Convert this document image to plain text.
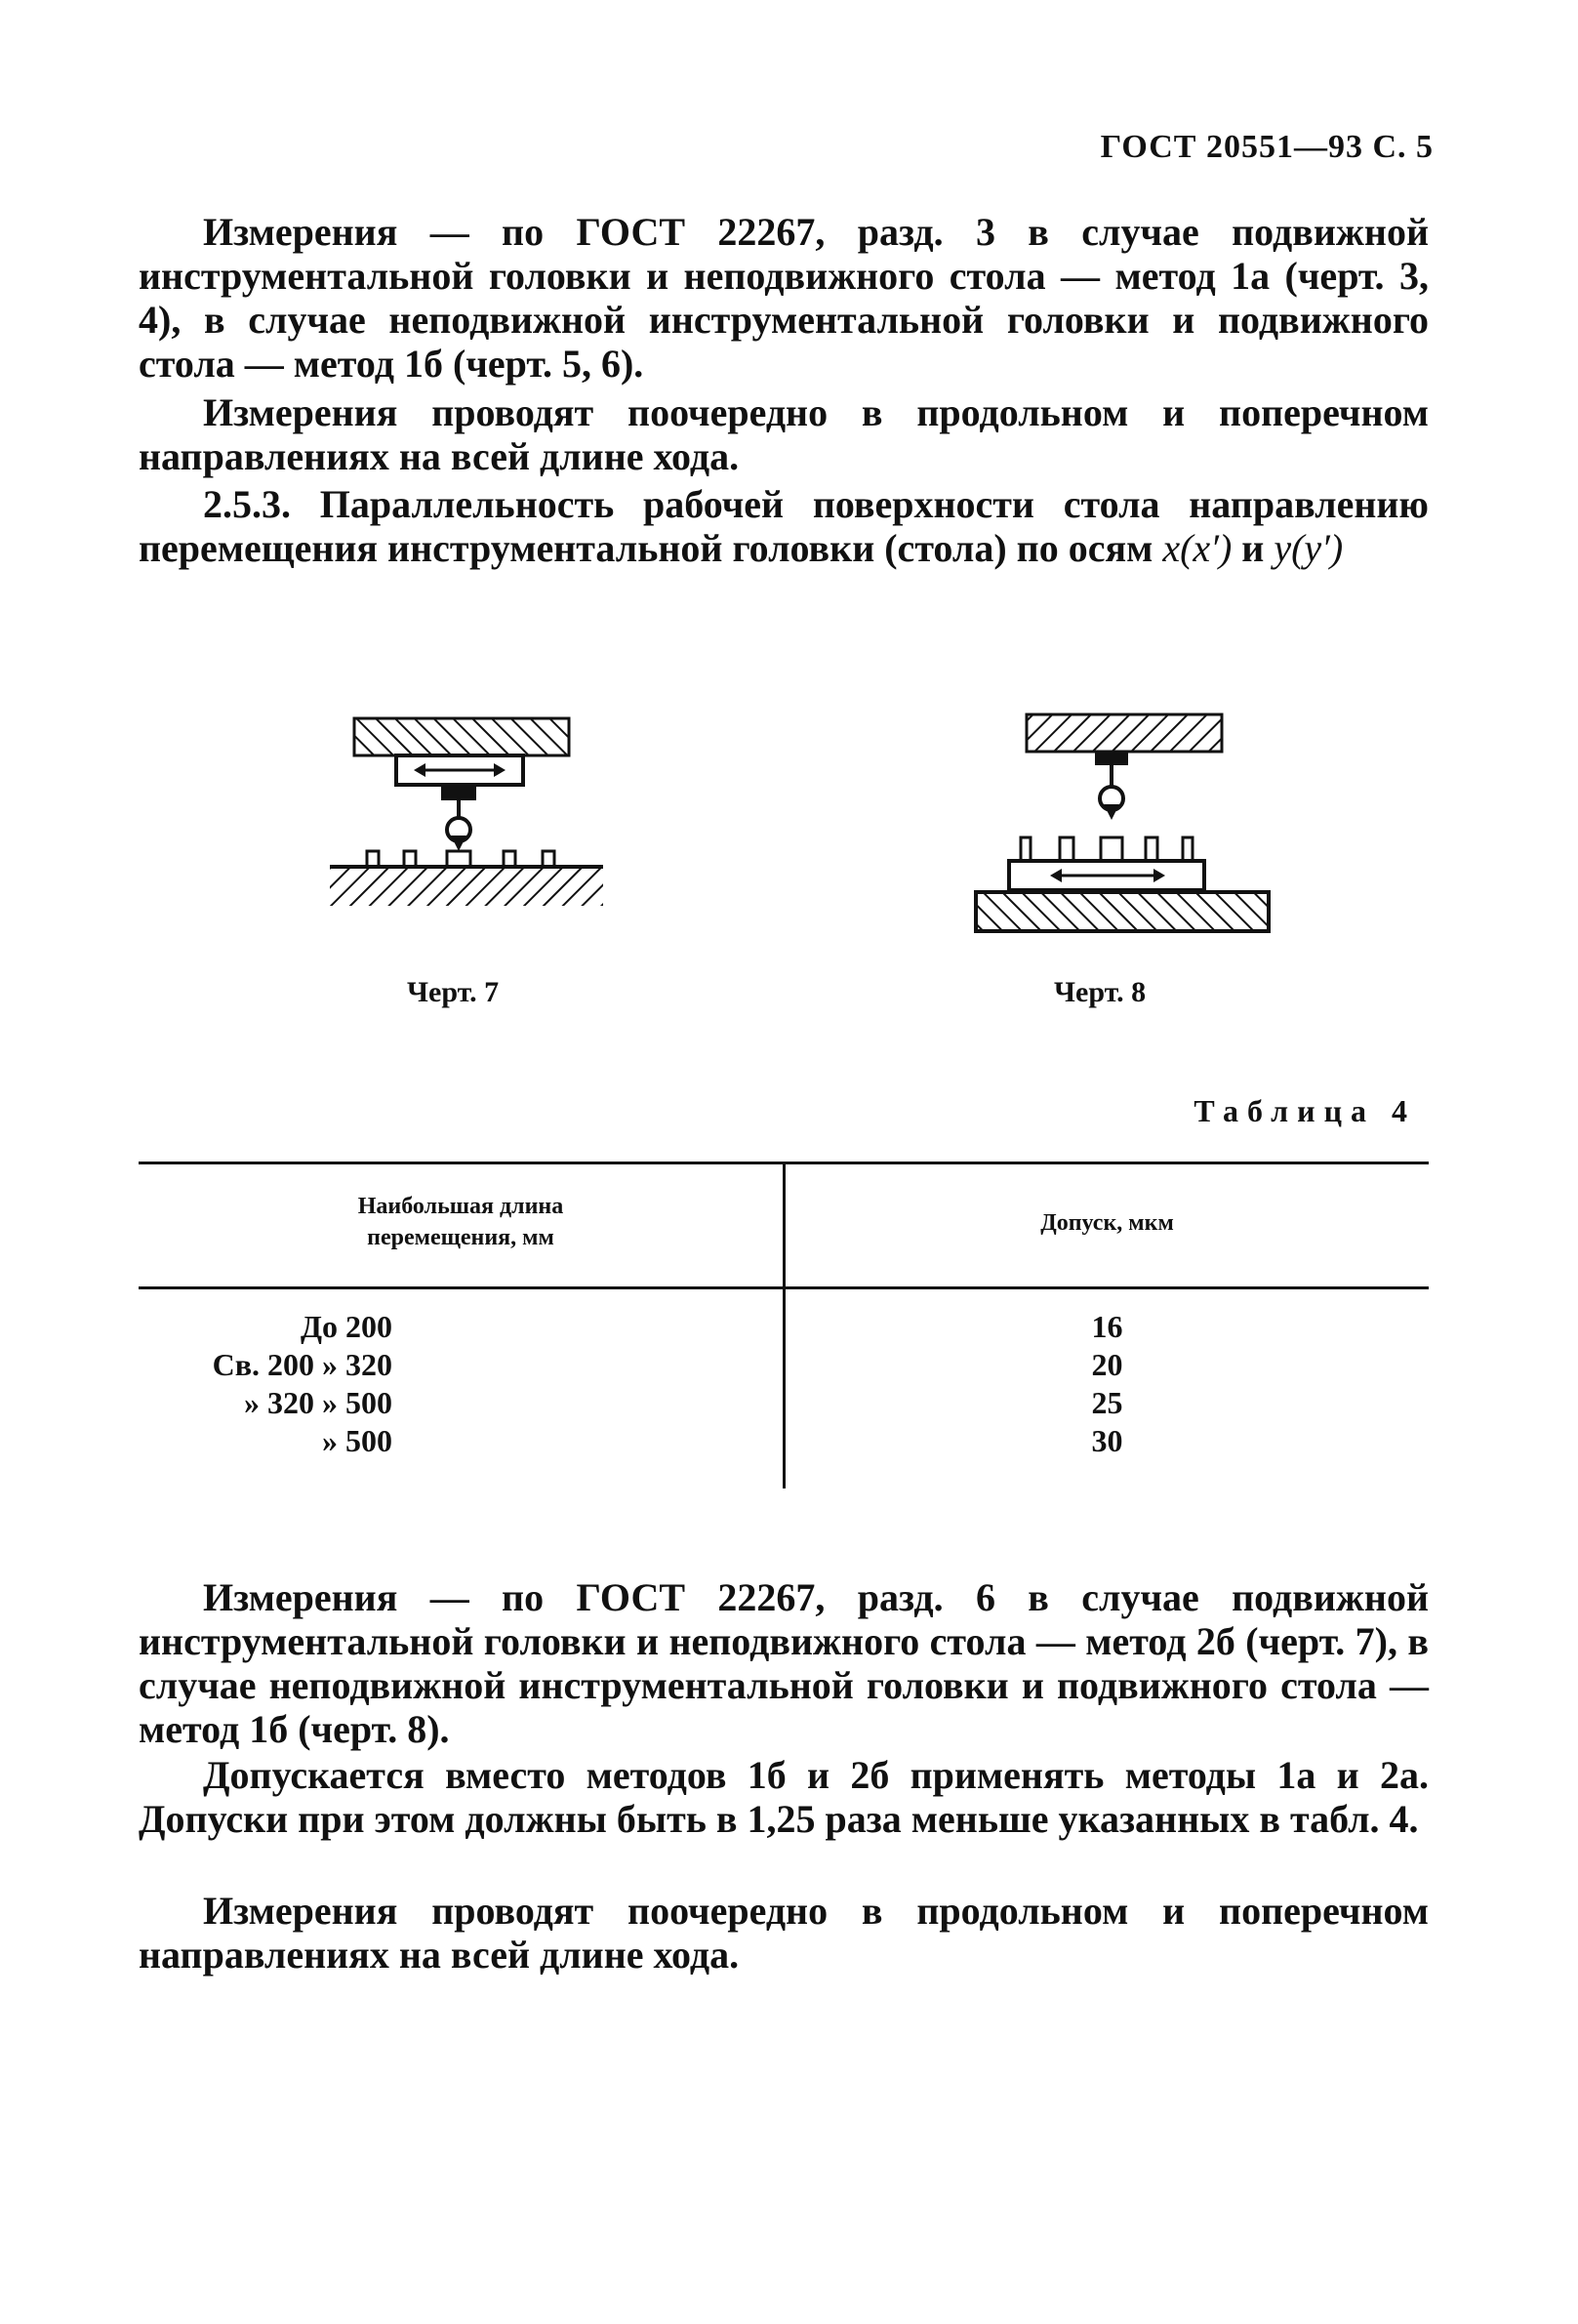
ГОСТ 20551—93 С. 5

Измерения — по ГОСТ 22267, разд. 3 в случае подвижной инструментальной головки и неподвижного стола — метод 1а (черт. 3, 4), в случае неподвижной инструментальной головки и подвижного стола — метод 1б (черт. 5, 6).

Измерения проводят поочередно в продольном и поперечном направлениях на всей длине хода.

2.5.3. Параллельность рабочей поверхности стола направлению перемещения инструментальной головки (стола) по осям x(x′) и y(y′)

Черт. 7	Черт. 8
Таблица 4
Наибольшая длина
перемещения, мм
Допуск, мкм
До 200
Св. 200 » 320
» 320 » 500
» 500
16
20
25
30

Измерения — по ГОСТ 22267, разд. 6 в случае подвижной инструментальной головки и неподвижного стола — метод 2б (черт. 7), в случае неподвижной инструментальной головки и подвижного стола — метод 1б (черт. 8).

Допускается вместо методов 1б и 2б применять методы 1а и 2а. Допуски при этом должны быть в 1,25 раза меньше указанных в табл. 4.

Измерения проводят поочередно в продольном и поперечном направлениях на всей длине хода.
